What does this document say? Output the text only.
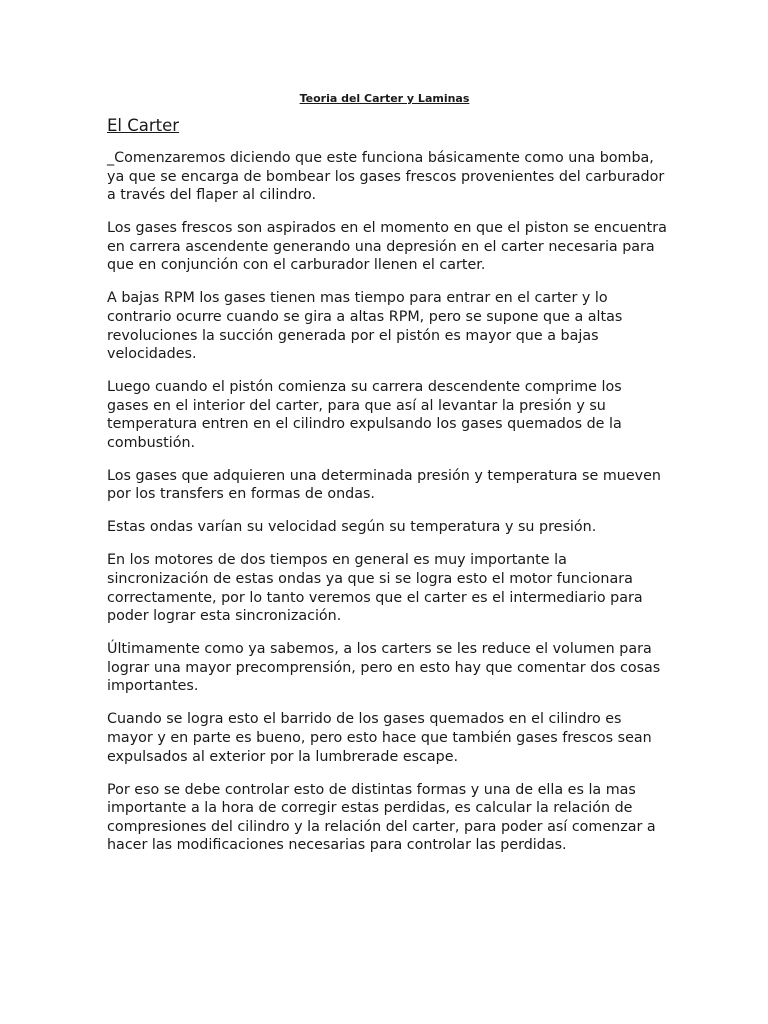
Teoria del Carter y Laminas
El Carter

_Comenzaremos diciendo que este funciona básicamente como una bomba, ya que se encarga de bombear los gases frescos provenientes del carburador a través del flaper al cilindro.

Los gases frescos son aspirados en el momento en que el piston se encuentra en carrera ascendente generando una depresión en el carter necesaria para que en conjunción con el carburador llenen el carter.

A bajas RPM los gases tienen mas tiempo para entrar en el carter y lo contrario ocurre cuando se gira a altas RPM, pero se supone que a altas revoluciones la succión generada por el pistón es mayor que a bajas velocidades.

Luego cuando el pistón comienza su carrera descendente comprime los gases en el interior del carter, para que así al levantar la presión y su temperatura entren en el cilindro expulsando los gases quemados de la combustión.

Los gases que adquieren una determinada presión y temperatura se mueven por los transfers en formas de ondas.

Estas ondas varían su velocidad según su temperatura y su presión.

En los motores de dos tiempos en general es muy importante la sincronización de estas ondas ya que si se logra esto el motor funcionara correctamente, por lo tanto veremos que el carter es el intermediario para poder lograr esta sincronización.

Últimamente como ya sabemos, a los carters se les reduce el volumen para lograr una mayor precomprensión, pero en esto hay que comentar dos cosas importantes.

Cuando se logra esto el barrido de los gases quemados en el cilindro es mayor y en parte es bueno, pero esto hace que también gases frescos sean expulsados al exterior por la lumbrerade escape.

Por eso se debe controlar esto de distintas formas y una de ella es la mas importante a la hora de corregir estas perdidas, es calcular la relación de compresiones del cilindro y la relación del carter, para poder así comenzar a hacer las modificaciones necesarias para controlar las perdidas.
